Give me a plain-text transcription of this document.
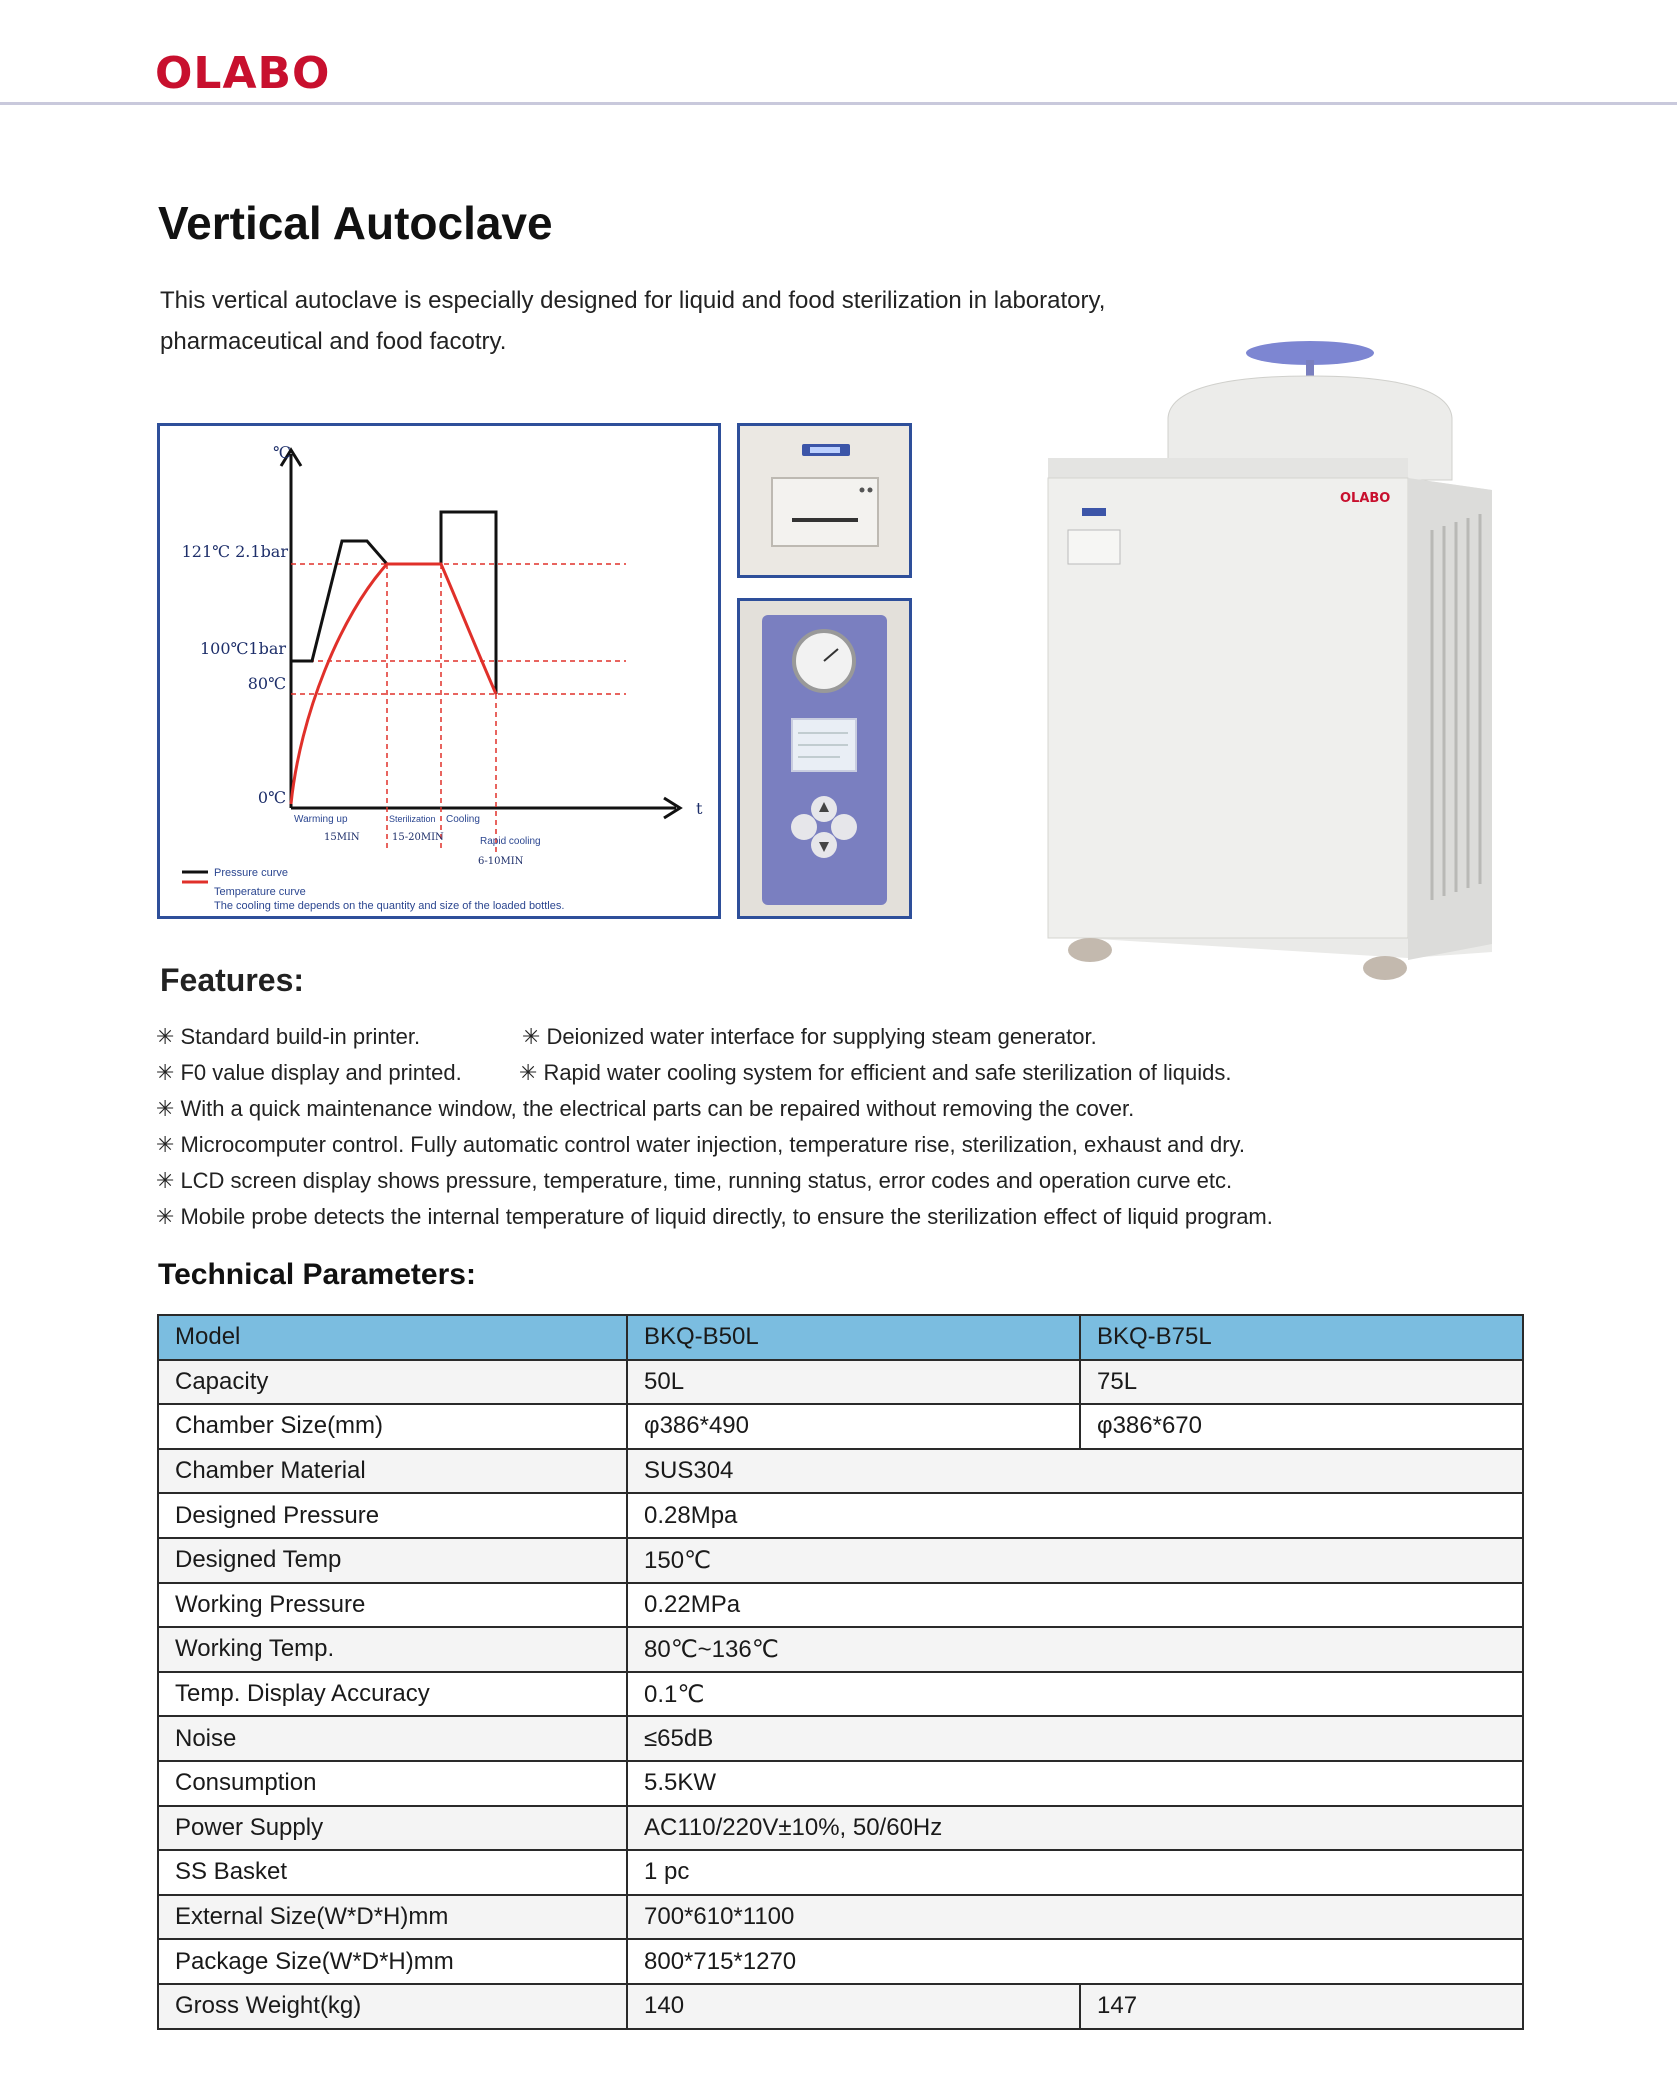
OLABO
Vertical Autoclave
This vertical autoclave is especially designed for liquid and food sterilization in laboratory,
pharmaceutical and food facotry.
℃
t
121℃ 2.1bar
100℃1bar
80℃
0℃
Warming up	Sterilization Cooling
Rapid cooling
15MIN	15-20MIN
6-10MIN
Pressure curve
Temperature curve
The cooling time depends on the quantity and size of the loaded bottles.
OLABO
Features:
✳ Standard build-in printer.	✳ Deionized water interface for supplying steam generator.
✳ F0 value display and printed.	✳ Rapid water cooling system for efficient and safe sterilization of liquids.
✳ With a quick maintenance window, the electrical parts can be repaired without removing the cover.
✳ Microcomputer control. Fully automatic control water injection, temperature rise, sterilization, exhaust and dry.
✳ LCD screen display shows pressure, temperature, time, running status, error codes and operation curve etc.
✳ Mobile probe detects the internal temperature of liquid directly, to ensure the sterilization effect of liquid program.
Technical Parameters:
Model	BKQ-B50L	BKQ-B75L
Capacity	50L	75L
Chamber Size(mm)	φ386*490	φ386*670
Chamber Material	SUS304	
Designed Pressure	0.28Mpa	
Designed Temp	150℃	
Working Pressure	0.22MPa	
Working Temp.	80℃~136℃	
Temp. Display Accuracy	0.1℃	
Noise	≤65dB	
Consumption	5.5KW	
Power Supply	AC110/220V±10%, 50/60Hz	
SS Basket	1 pc	
External Size(W*D*H)mm	700*610*1100	
Package Size(W*D*H)mm	800*715*1270	
Gross Weight(kg)	140	147
